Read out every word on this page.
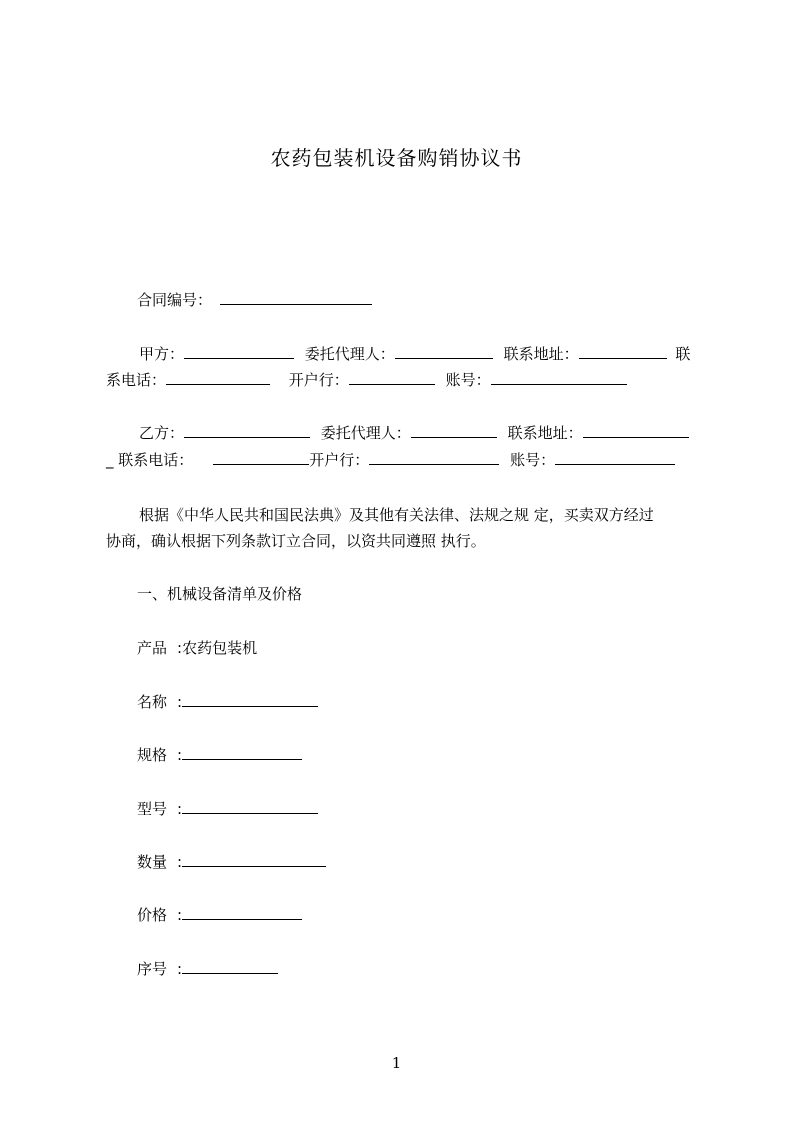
农药包装机设备购销协议书
合同编号：
甲方：	委托代理人：	联系地址：	联
系电话：	开户行：	账号：
乙方：	委托代理人：	联系地址：
_ 联系电话：	开户行：	账号：
根据《中华人民共和国民法典》及其他有关法律、法规之规 定，买卖双方经过
协商，确认根据下列条款订立合同，以资共同遵照 执行。
一、机械设备清单及价格
产品 :农药包装机
名称 :
规格 :
型号 :
数量 :
价格 :
序号 :
1
